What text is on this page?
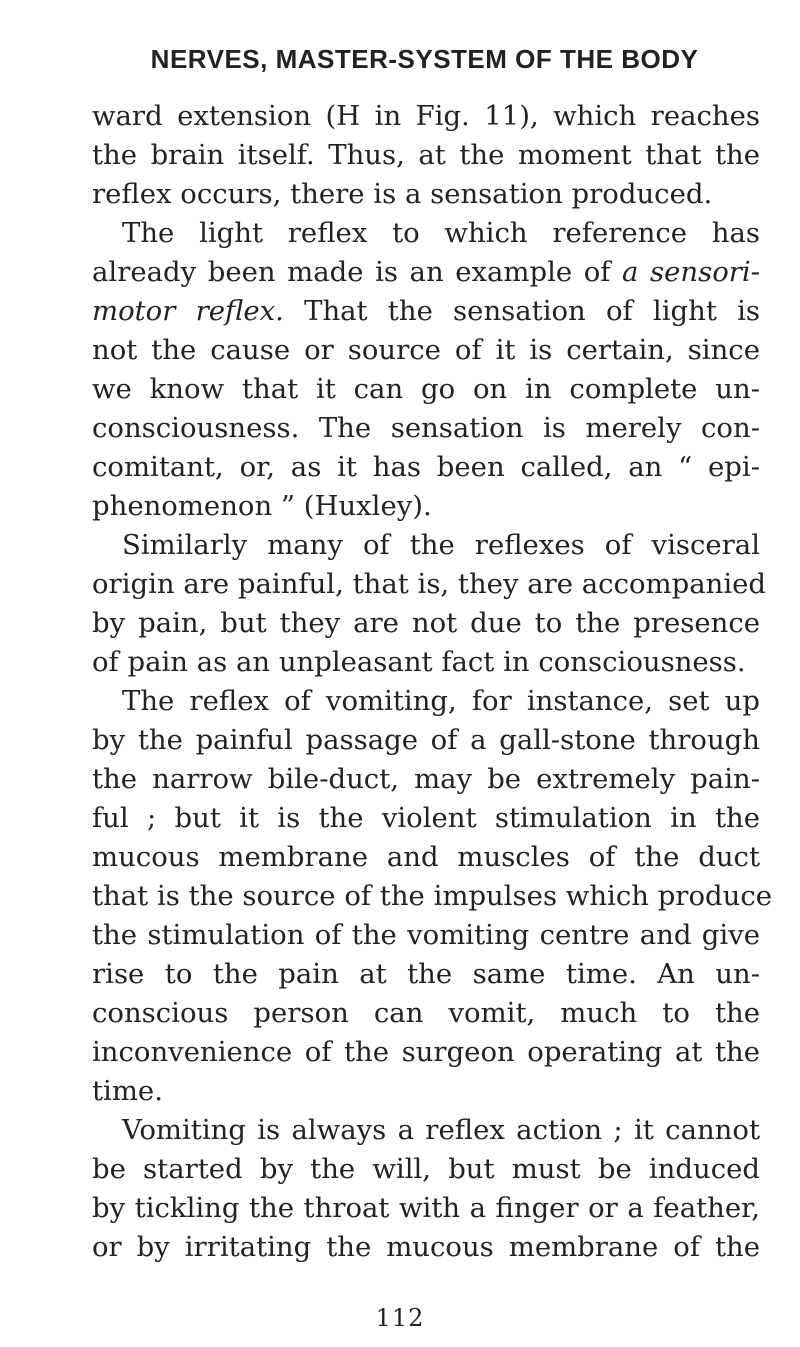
NERVES, MASTER-SYSTEM OF THE BODY
ward extension (H in Fig. 11), which reaches
the brain itself. Thus, at the moment that the
reflex occurs, there is a sensation produced.
The light reflex to which reference has
already been made is an example of a sensori-
motor reflex. That the sensation of light is
not the cause or source of it is certain, since
we know that it can go on in complete un-
consciousness. The sensation is merely con-
comitant, or, as it has been called, an “ epi-
phenomenon ” (Huxley).
Similarly many of the reflexes of visceral
origin are painful, that is, they are accompanied
by pain, but they are not due to the presence
of pain as an unpleasant fact in consciousness.
The reflex of vomiting, for instance, set up
by the painful passage of a gall-stone through
the narrow bile-duct, may be extremely pain-
ful ; but it is the violent stimulation in the
mucous membrane and muscles of the duct
that is the source of the impulses which produce
the stimulation of the vomiting centre and give
rise to the pain at the same time. An un-
conscious person can vomit, much to the
inconvenience of the surgeon operating at the
time.
Vomiting is always a reflex action ; it cannot
be started by the will, but must be induced
by tickling the throat with a finger or a feather,
or by irritating the mucous membrane of the
112
